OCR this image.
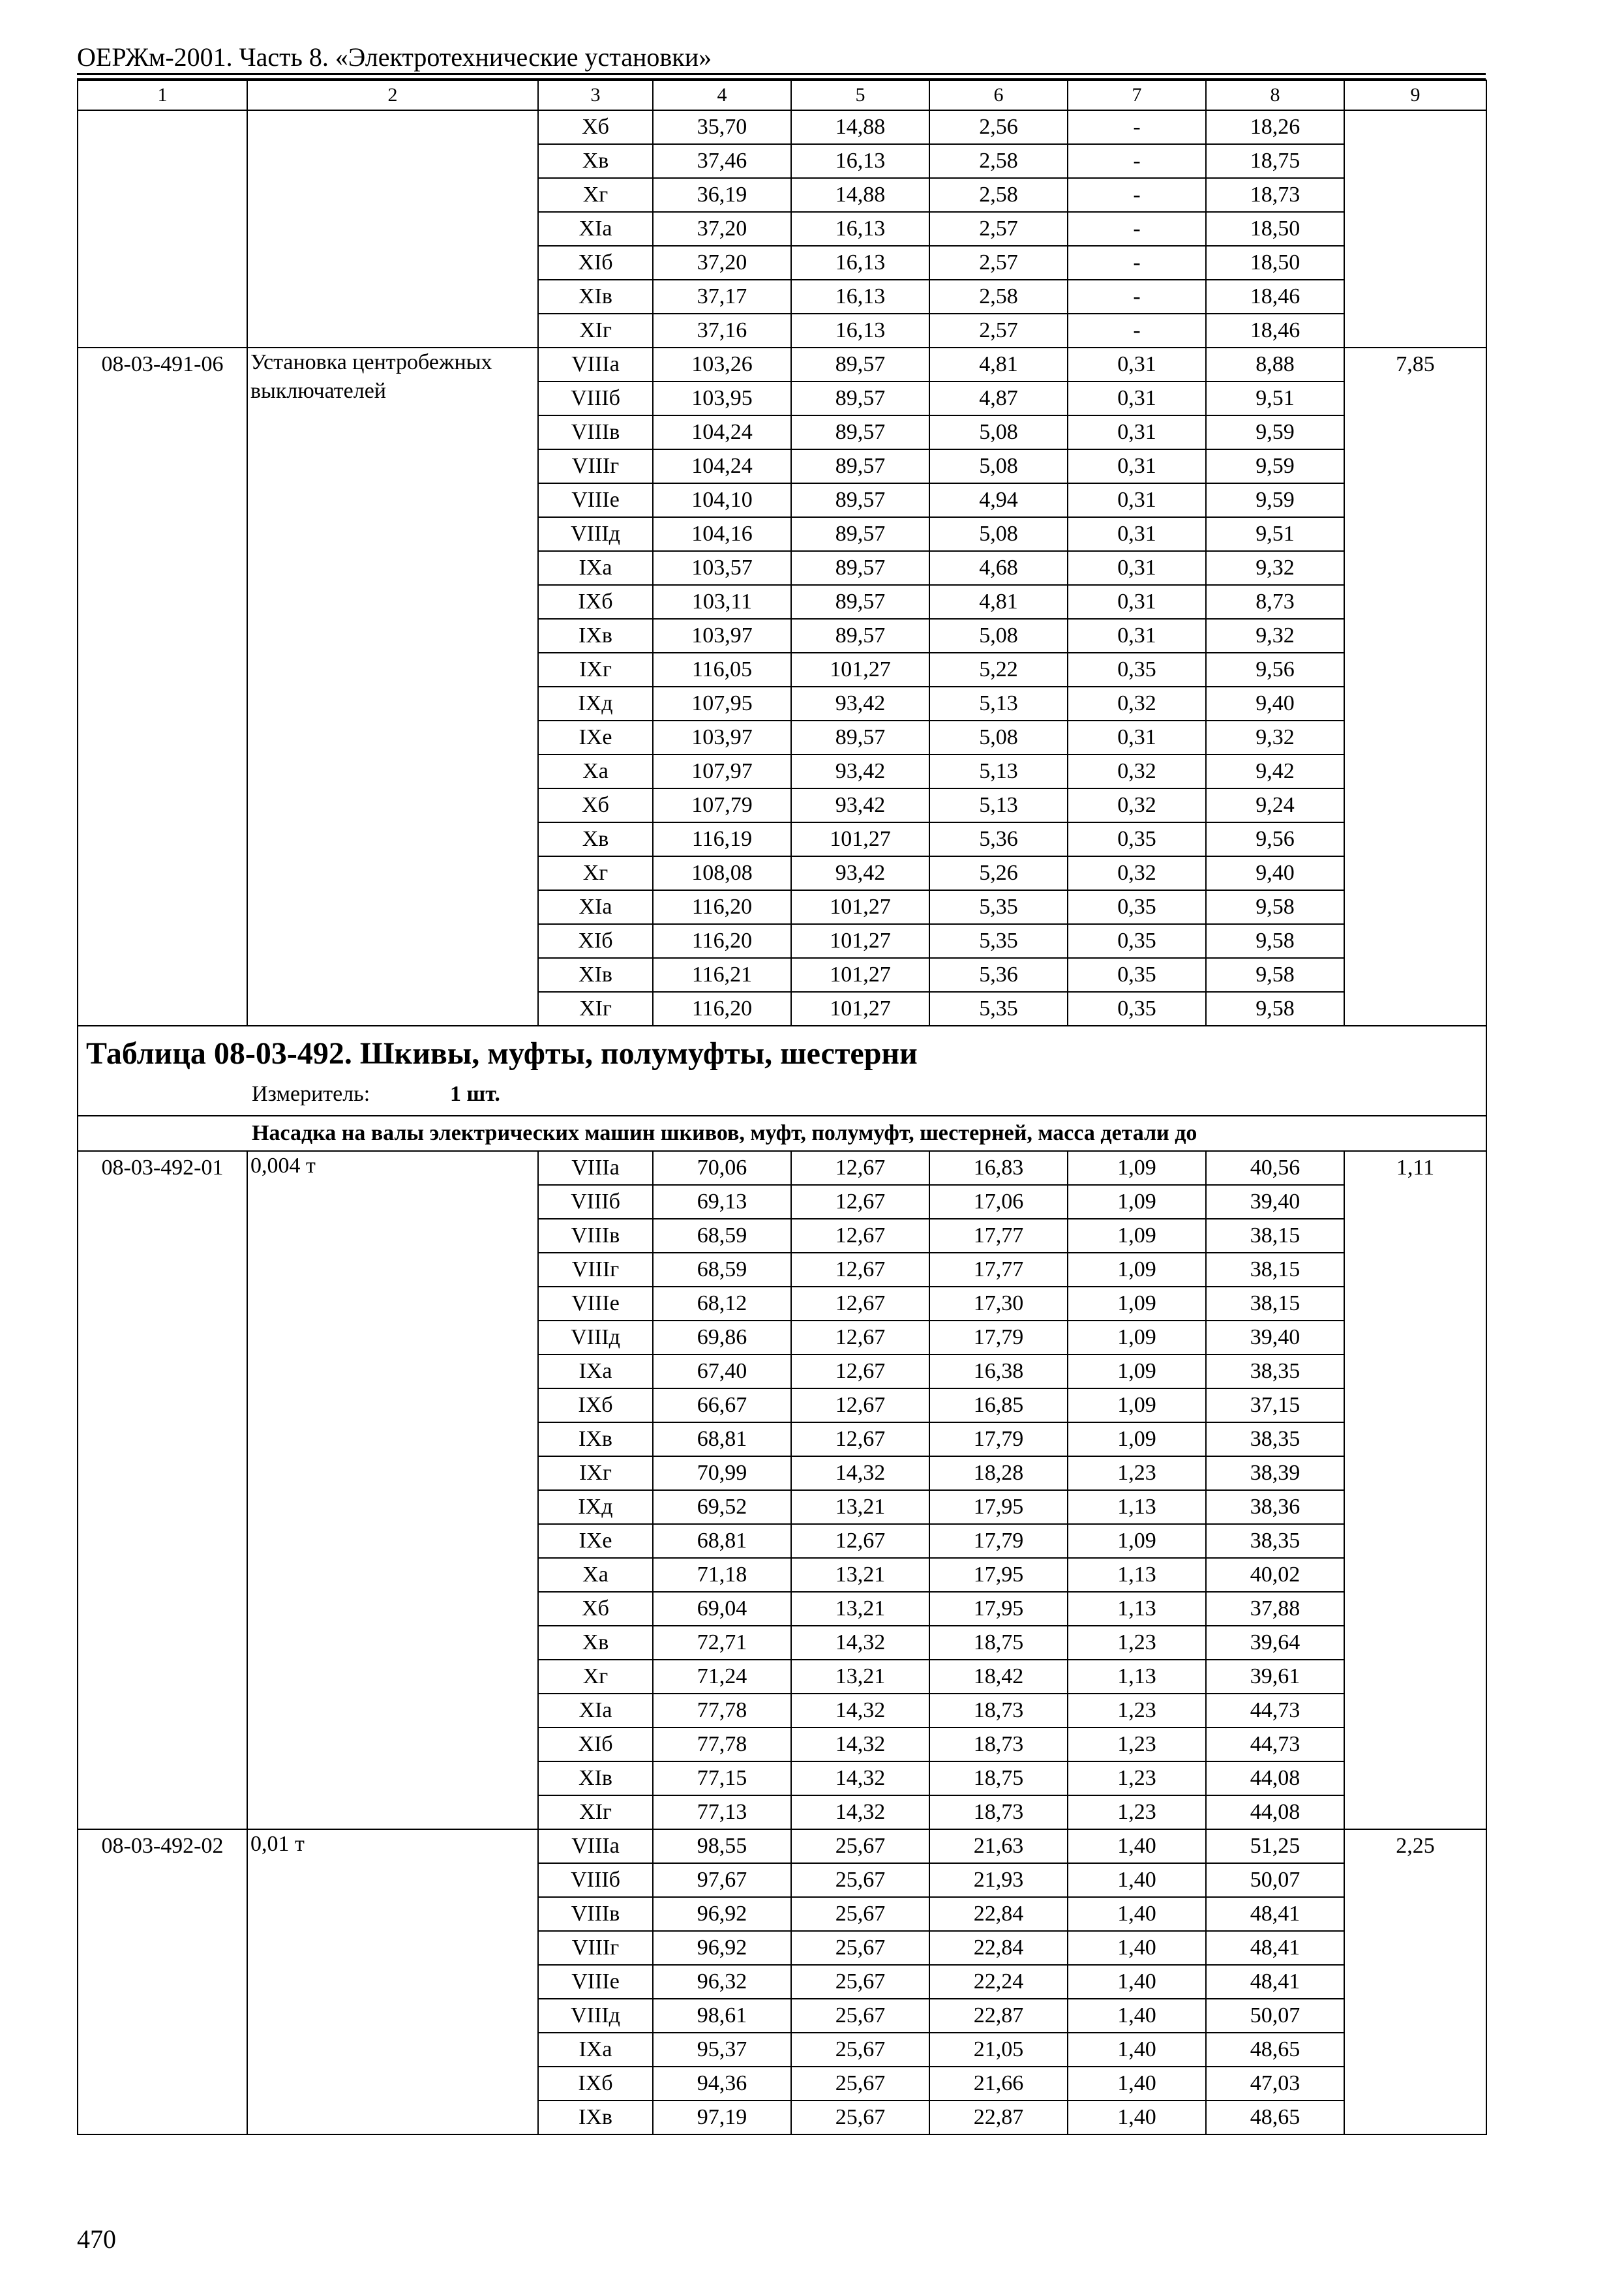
ОЕРЖм-2001. Часть 8. «Электротехнические установки»
1	2	3	4	5	6	7	8	9
		Xб	35,70	14,88	2,56	-	18,26	
		Xв	37,46	16,13	2,58	-	18,75	
		Xг	36,19	14,88	2,58	-	18,73	
		XIa	37,20	16,13	2,57	-	18,50	
		XIб	37,20	16,13	2,57	-	18,50	
		XIв	37,17	16,13	2,58	-	18,46	
		XIг	37,16	16,13	2,57	-	18,46	
08-03-491-06	Установка центробежных выключателей	VIIIa	103,26	89,57	4,81	0,31	8,88	7,85
		VIIIб	103,95	89,57	4,87	0,31	9,51	
		VIIIв	104,24	89,57	5,08	0,31	9,59	
		VIIIг	104,24	89,57	5,08	0,31	9,59	
		VIIIе	104,10	89,57	4,94	0,31	9,59	
		VIIIд	104,16	89,57	5,08	0,31	9,51	
		IXa	103,57	89,57	4,68	0,31	9,32	
		IXб	103,11	89,57	4,81	0,31	8,73	
		IXв	103,97	89,57	5,08	0,31	9,32	
		IXг	116,05	101,27	5,22	0,35	9,56	
		IXд	107,95	93,42	5,13	0,32	9,40	
		IXе	103,97	89,57	5,08	0,31	9,32	
		Xa	107,97	93,42	5,13	0,32	9,42	
		Xб	107,79	93,42	5,13	0,32	9,24	
		Xв	116,19	101,27	5,36	0,35	9,56	
		Xг	108,08	93,42	5,26	0,32	9,40	
		XIa	116,20	101,27	5,35	0,35	9,58	
		XIб	116,20	101,27	5,35	0,35	9,58	
		XIв	116,21	101,27	5,36	0,35	9,58	
		XIг	116,20	101,27	5,35	0,35	9,58	

Таблица 08-03-492. Шкивы, муфты, полумуфты, шестерни
Измеритель: 1 шт.								

Насадка на валы электрических машин шкивов, муфт, полумуфт, шестерней, масса детали до								
08-03-492-01	0,004 т	VIIIa	70,06	12,67	16,83	1,09	40,56	1,11
		VIIIб	69,13	12,67	17,06	1,09	39,40	
		VIIIв	68,59	12,67	17,77	1,09	38,15	
		VIIIг	68,59	12,67	17,77	1,09	38,15	
		VIIIе	68,12	12,67	17,30	1,09	38,15	
		VIIIд	69,86	12,67	17,79	1,09	39,40	
		IXa	67,40	12,67	16,38	1,09	38,35	
		IXб	66,67	12,67	16,85	1,09	37,15	
		IXв	68,81	12,67	17,79	1,09	38,35	
		IXг	70,99	14,32	18,28	1,23	38,39	
		IXд	69,52	13,21	17,95	1,13	38,36	
		IXе	68,81	12,67	17,79	1,09	38,35	
		Xa	71,18	13,21	17,95	1,13	40,02	
		Xб	69,04	13,21	17,95	1,13	37,88	
		Xв	72,71	14,32	18,75	1,23	39,64	
		Xг	71,24	13,21	18,42	1,13	39,61	
		XIa	77,78	14,32	18,73	1,23	44,73	
		XIб	77,78	14,32	18,73	1,23	44,73	
		XIв	77,15	14,32	18,75	1,23	44,08	
		XIг	77,13	14,32	18,73	1,23	44,08	
08-03-492-02	0,01 т	VIIIa	98,55	25,67	21,63	1,40	51,25	2,25
		VIIIб	97,67	25,67	21,93	1,40	50,07	
		VIIIв	96,92	25,67	22,84	1,40	48,41	
		VIIIг	96,92	25,67	22,84	1,40	48,41	
		VIIIе	96,32	25,67	22,24	1,40	48,41	
		VIIIд	98,61	25,67	22,87	1,40	50,07	
		IXa	95,37	25,67	21,05	1,40	48,65	
		IXб	94,36	25,67	21,66	1,40	47,03	
		IXв	97,19	25,67	22,87	1,40	48,65	
470
